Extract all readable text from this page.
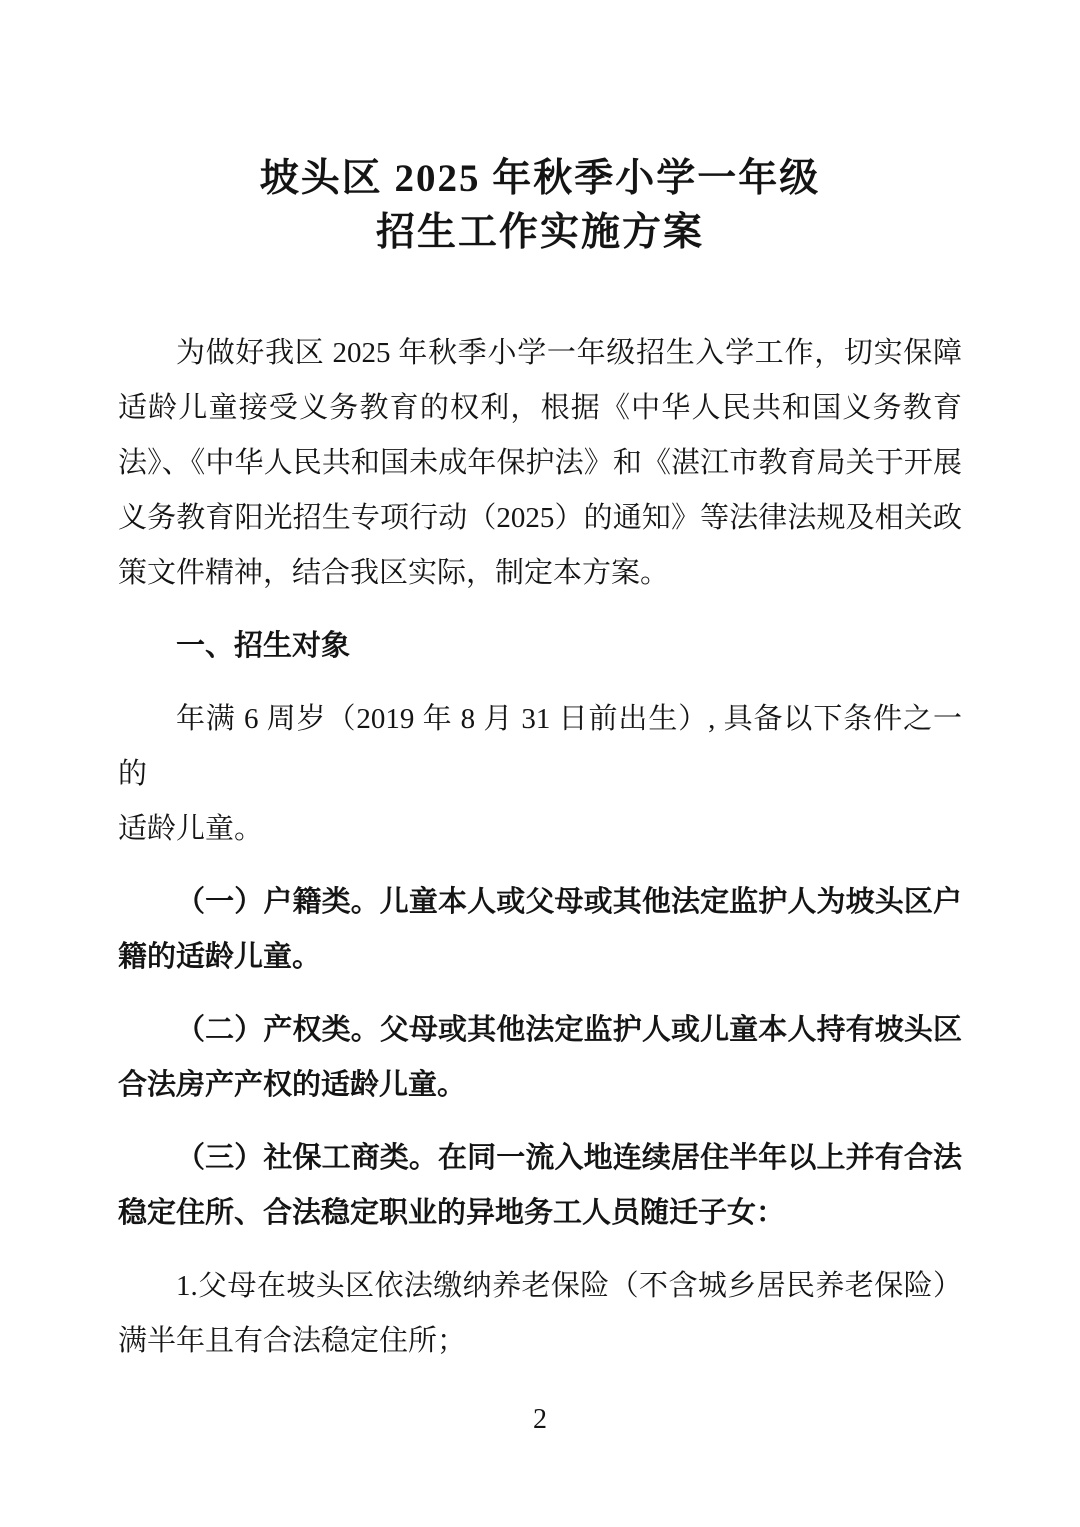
坡头区 2025 年秋季小学一年级
招生工作实施方案
为做好我区 2025 年秋季小学一年级招生入学工作，切实保障
适龄儿童接受义务教育的权利，根据《中华人民共和国义务教育
法》、《中华人民共和国未成年保护法》和《湛江市教育局关于开展
义务教育阳光招生专项行动（2025）的通知》等法律法规及相关政
策文件精神，结合我区实际，制定本方案。
一、招生对象
年满 6 周岁（2019 年 8 月 31 日前出生）, 具备以下条件之一的
适龄儿童。
（一）户籍类。儿童本人或父母或其他法定监护人为坡头区户
籍的适龄儿童。
（二）产权类。父母或其他法定监护人或儿童本人持有坡头区
合法房产产权的适龄儿童。
（三）社保工商类。在同一流入地连续居住半年以上并有合法
稳定住所、合法稳定职业的异地务工人员随迁子女：
1.父母在坡头区依法缴纳养老保险（不含城乡居民养老保险）
满半年且有合法稳定住所；
2
